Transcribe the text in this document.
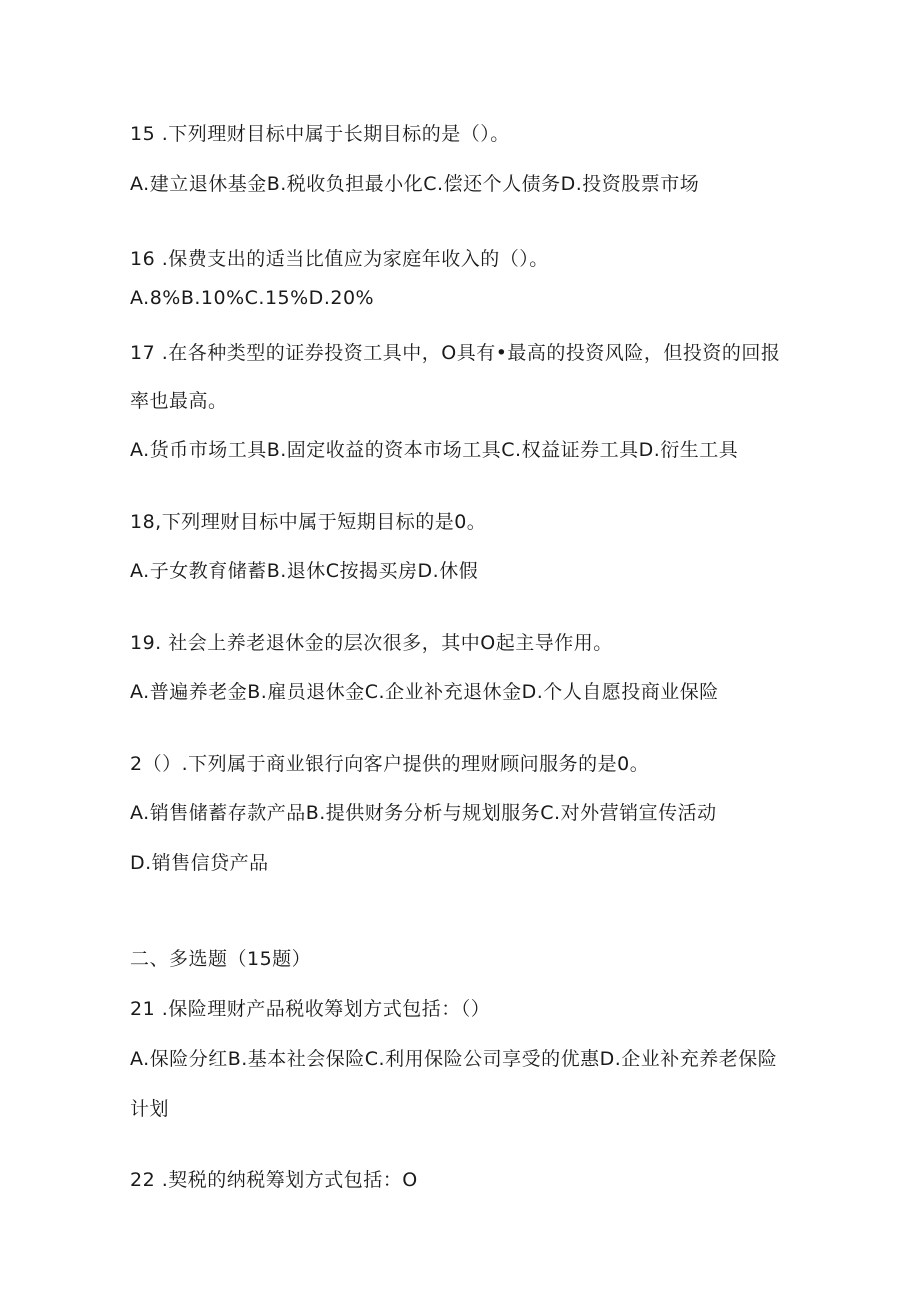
15 .下列理财目标中属于长期目标的是（）。
A.建立退休基金B.税收负担最小化C.偿还个人债务D.投资股票市场
16 .保费支出的适当比值应为家庭年收入的（）。
A.8%B.10%C.15%D.20%
17 .在各种类型的证券投资工具中，O具有•最高的投资风险，但投资的回报
率也最高。
A.货币市场工具B.固定收益的资本市场工具C.权益证券工具D.衍生工具
18,下列理财目标中属于短期目标的是0。
A.子女教育储蓄B.退休C按揭买房D.休假
19. 社会上养老退休金的层次很多，其中O起主导作用。
A.普遍养老金B.雇员退休金C.企业补充退休金D.个人自愿投商业保险
2（）.下列属于商业银行向客户提供的理财顾问服务的是0。
A.销售储蓄存款产品B.提供财务分析与规划服务C.对外营销宣传活动
D.销售信贷产品
二、多选题（15题）
21 .保险理财产品税收筹划方式包括：（）
A.保险分红B.基本社会保险C.利用保险公司享受的优惠D.企业补充养老保险
计划
22 .契税的纳税筹划方式包括：O
